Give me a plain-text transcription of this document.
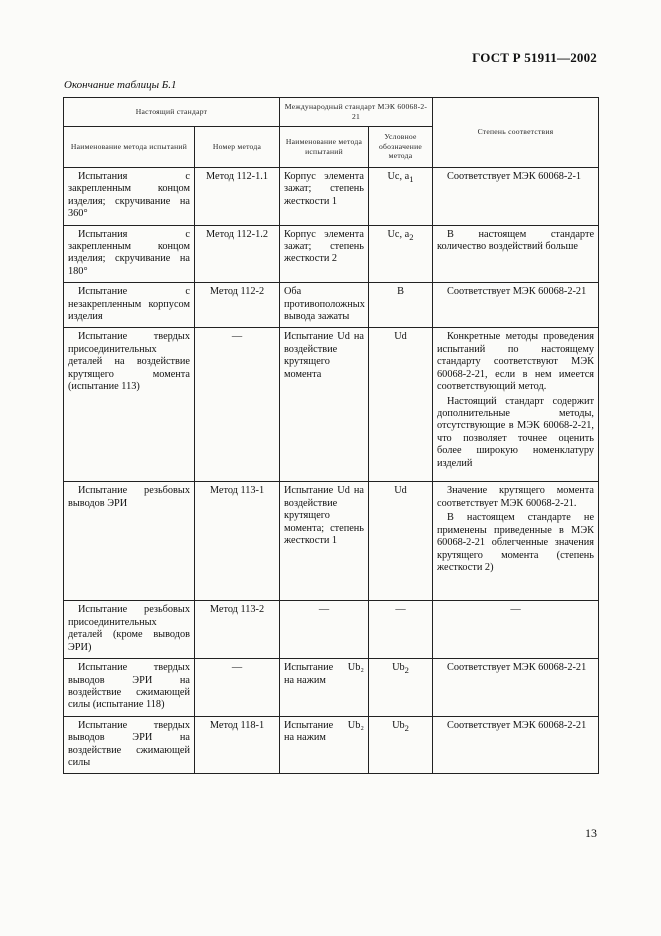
ГОСТ Р 51911—2002
Окончание таблицы Б.1
Настоящий стандарт		Международный стандарт МЭК 60068-2-21		Степень соответствия
Наименование метода испытаний	Номер метода	Наименование метода испытаний	Условное обозначение метода	
Испытания с закрепленным концом изделия; скручивание на 360°	Метод 112-1.1	Корпус элемента зажат; степень жесткости 1	Uc, $a_1$	Соответствует МЭК 60068-2-1

Испытания с закрепленным концом изделия; скручивание на 180°	Метод 112-1.2	Корпус элемента зажат; степень жесткости 2	Uc, $a_2$	В настоящем стандарте количество воздействий больше

Испытание с незакрепленным корпусом изделия	Метод 112-2	Оба противоположных вывода зажаты	B	Соответствует МЭК 60068-2-21

Испытание твердых присоединительных деталей на воздействие крутящего момента (испытание 113)	—	Испытание Ud на воздействие крутящего момента	Ud	Конкретные методы проведения испытаний по настоящему стандарту соответствуют МЭК 60068-2-21, если в нем имеется соответствующий метод.
Настоящий стандарт содержит дополнительные методы, отсутствующие в МЭК 60068-2-21, что позволяет точнее оценить более широкую номенклатуру изделий

Испытание резьбовых выводов ЭРИ	Метод 113-1	Испытание Ud на воздействие крутящего момента; степень жесткости 1	Ud	Значение крутящего момента соответствует МЭК 60068-2-21.
В настоящем стандарте не применены приведенные в МЭК 60068-2-21 облегченные значения крутящего момента (степень жесткости 2)

Испытание резьбовых присоединительных деталей (кроме выводов ЭРИ)	Метод 113-2	—	—	—
Испытание твердых выводов ЭРИ на воздействие сжимающей силы (испытание 118)	—	Испытание Ub₂ на нажим	$Ub_2$	Соответствует МЭК 60068-2-21

Испытание твердых выводов ЭРИ на воздействие сжимающей силы	Метод 118-1	Испытание Ub₂ на нажим	$Ub_2$	Соответствует МЭК 60068-2-21
13
